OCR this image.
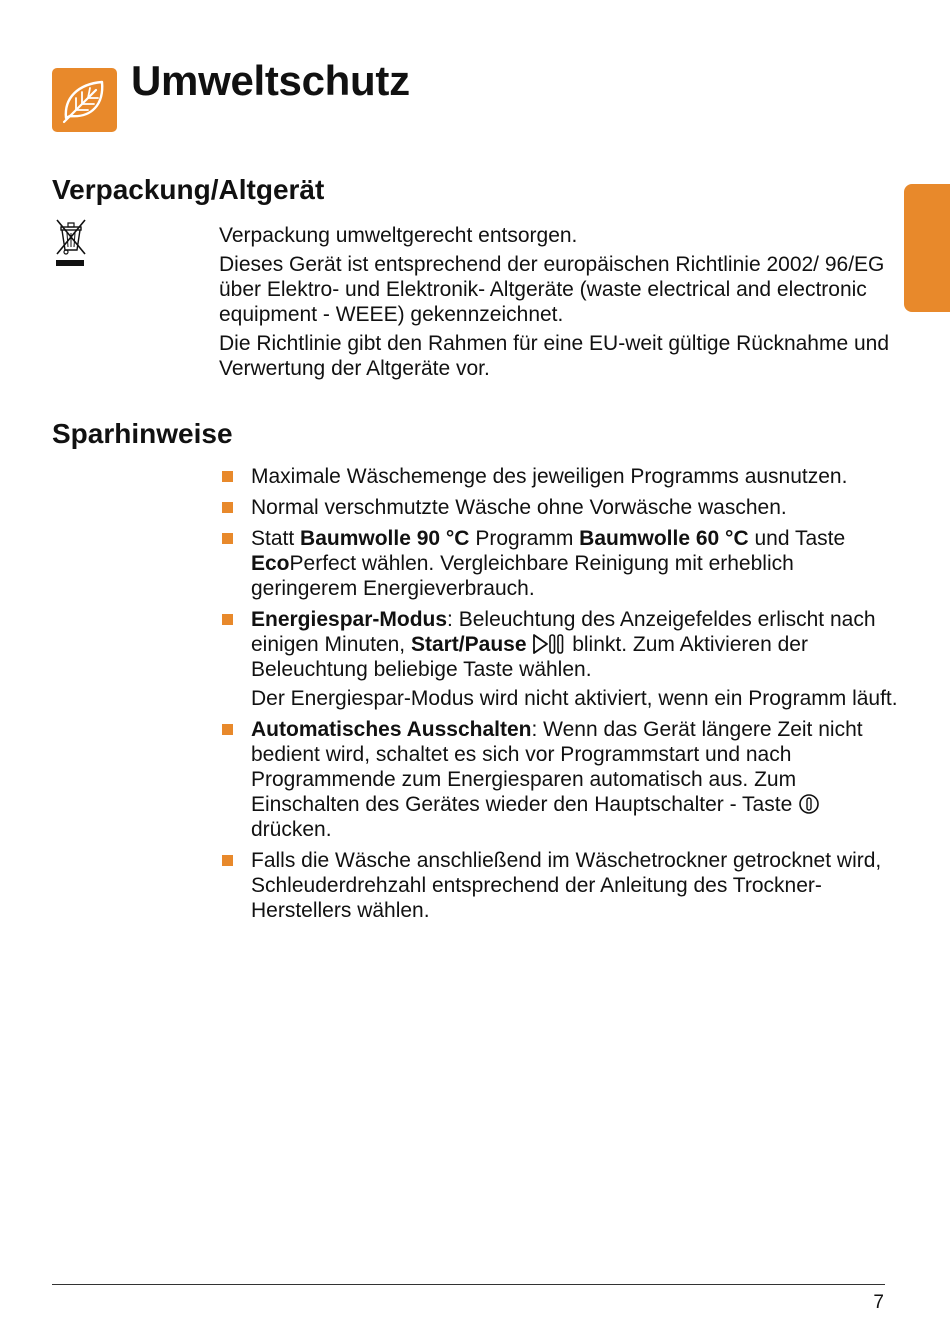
Umweltschutz
Verpackung/Altgerät

Verpackung umweltgerecht entsorgen.

Dieses Gerät ist entsprechend der europäischen Richtlinie 2002/ 96/EG über Elektro- und Elektronik- Altgeräte (waste electrical and electronic equipment - WEEE) gekennzeichnet.

Die Richtlinie gibt den Rahmen für eine EU-weit gültige Rücknahme und Verwertung der Altgeräte vor.

Sparhinweise

Maximale Wäschemenge des jeweiligen Programms ausnutzen.

Normal verschmutzte Wäsche ohne Vorwäsche waschen.

Statt Baumwolle 90 °C Programm Baumwolle 60 °C und Taste EcoPerfect wählen. Vergleichbare Reinigung mit erheblich geringerem Energieverbrauch.

Energiespar-Modus: Beleuchtung des Anzeigefeldes erlischt nach einigen Minuten, Start/Pause  blinkt. Zum Aktivieren der Beleuchtung beliebige Taste wählen.

Der Energiespar-Modus wird nicht aktiviert, wenn ein Programm läuft.

Automatisches Ausschalten: Wenn das Gerät längere Zeit nicht bedient wird, schaltet es sich vor Programmstart und nach Programmende zum Energiesparen automatisch aus. Zum Einschalten des Gerätes wieder den Hauptschalter - Taste  drücken.

Falls die Wäsche anschließend im Wäschetrockner getrocknet wird, Schleuderdrehzahl entsprechend der Anleitung des Trockner-Herstellers wählen.

7
